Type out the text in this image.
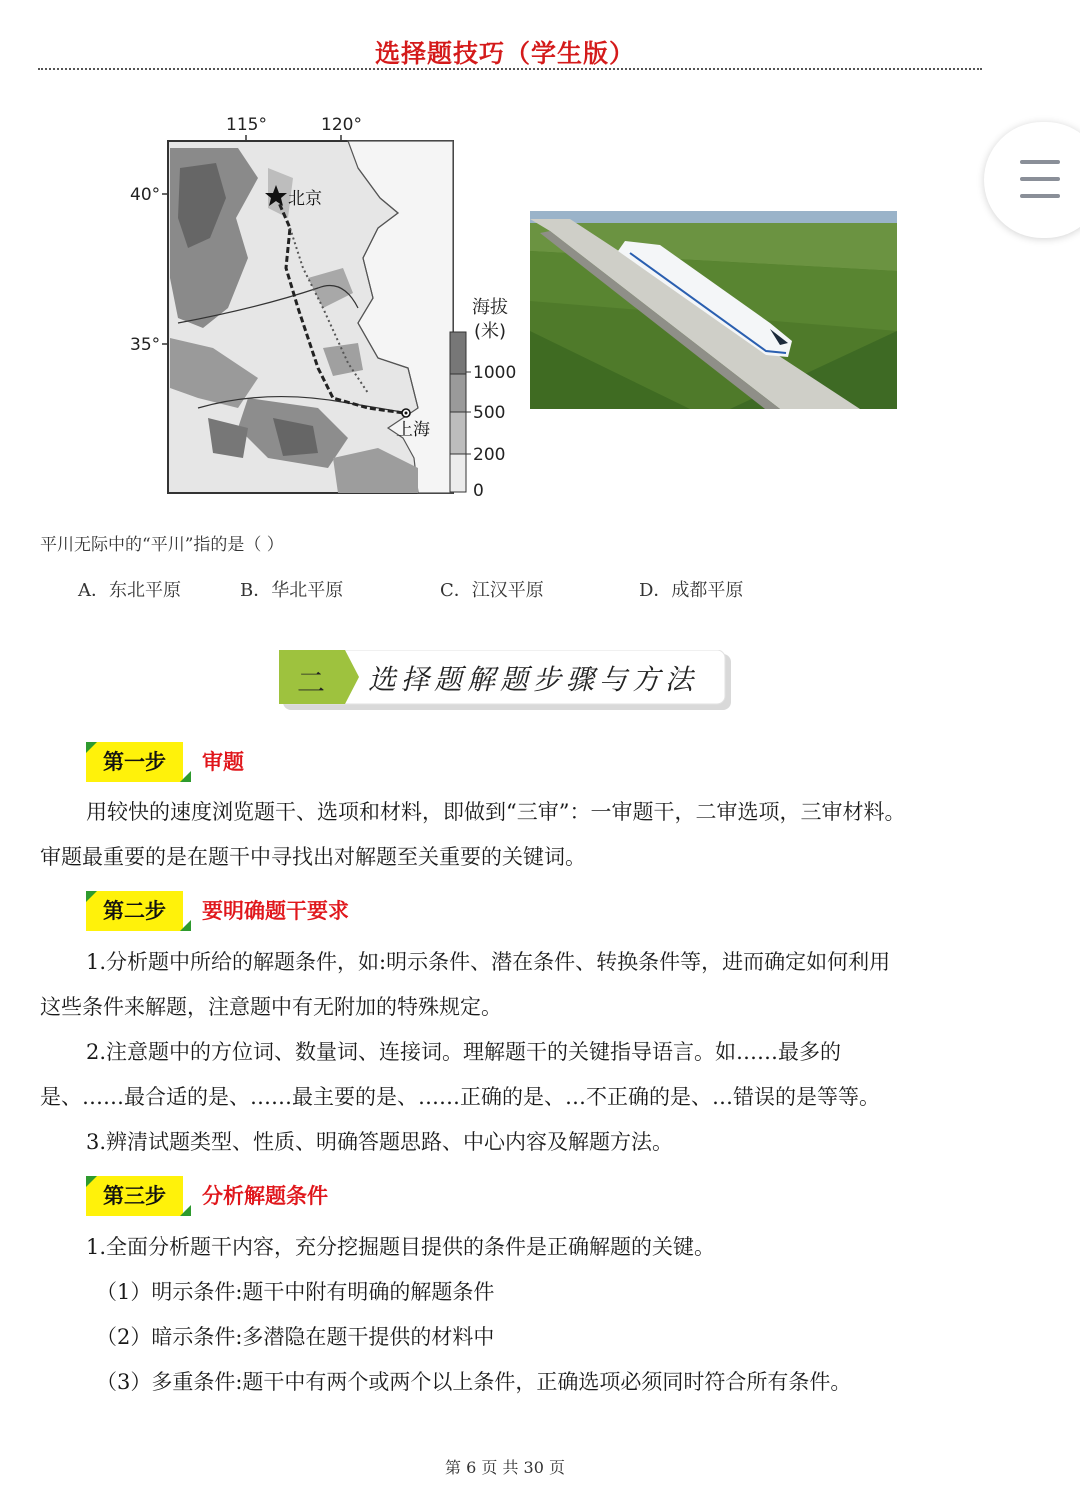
选择题技巧（学生版）
北京
上海
115°	120°
40°
35°
海拔
(米)
1000
500
200
0
平川无际中的“平川”指的是（ ）
A．东北平原	B．华北平原	C．江汉平原	D．成都平原
二 选择题解题步骤与方法
第一步	审题
用较快的速度浏览题干、选项和材料，即做到“三审”：一审题干，二审选项，三审材料。
审题最重要的是在题干中寻找出对解题至关重要的关键词。
第二步	要明确题干要求
1.分析题中所给的解题条件，如:明示条件、潜在条件、转换条件等，进而确定如何利用
这些条件来解题，注意题中有无附加的特殊规定。
2.注意题中的方位词、数量词、连接词。理解题干的关键指导语言。如……最多的
是、……最合适的是、……最主要的是、……正确的是、…不正确的是、…错误的是等等。
3.辨清试题类型、性质、明确答题思路、中心内容及解题方法。
第三步	分析解题条件
1.全面分析题干内容，充分挖掘题目提供的条件是正确解题的关键。
（1）明示条件:题干中附有明确的解题条件
（2）暗示条件:多潜隐在题干提供的材料中
（3）多重条件:题干中有两个或两个以上条件，正确选项必须同时符合所有条件。
第 6 页 共 30 页
